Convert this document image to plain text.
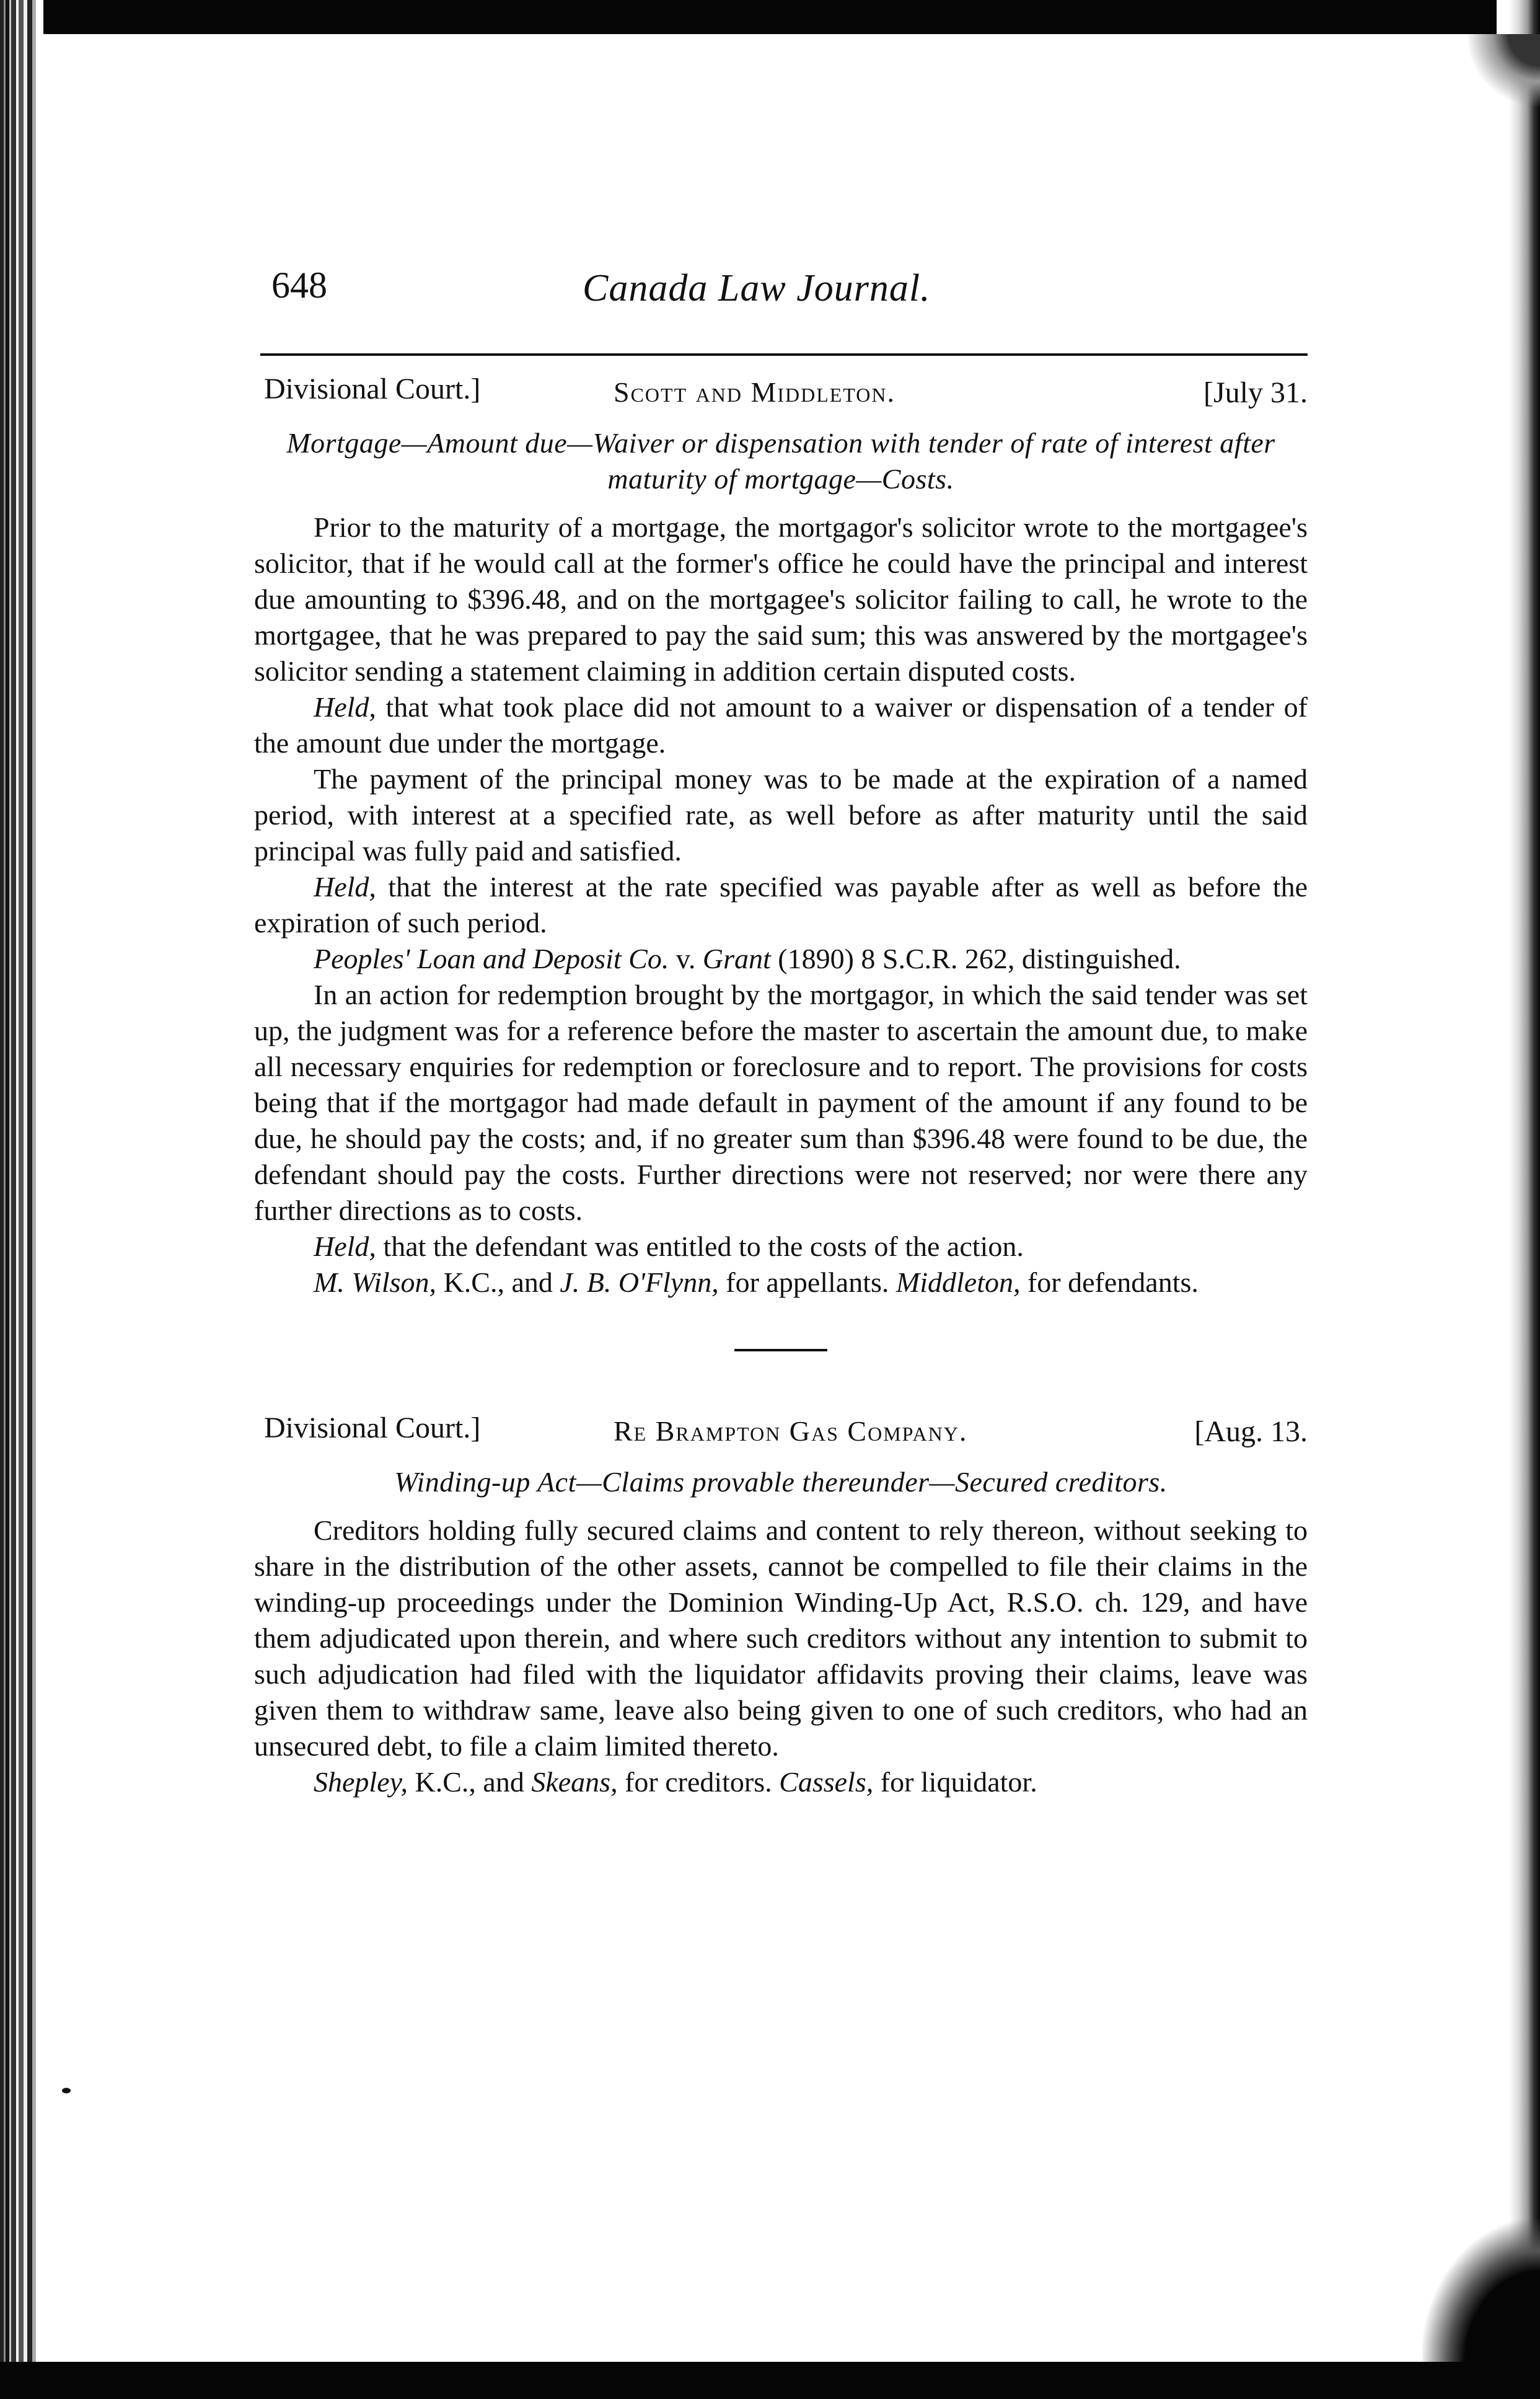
648	Canada Law Journal.
Divisional Court.]	Scott and Middleton.	[July 31.
Mortgage—Amount due—Waiver or dispensation with tender of rate of interest after maturity of mortgage—Costs.

Prior to the maturity of a mortgage, the mortgagor's solicitor wrote to the mortgagee's solicitor, that if he would call at the former's office he could have the principal and interest due amounting to $396.48, and on the mortgagee's solicitor failing to call, he wrote to the mortgagee, that he was prepared to pay the said sum; this was answered by the mortgagee's solicitor sending a statement claiming in addition certain disputed costs.

Held, that what took place did not amount to a waiver or dispensation of a tender of the amount due under the mortgage.

The payment of the principal money was to be made at the expiration of a named period, with interest at a specified rate, as well before as after maturity until the said principal was fully paid and satisfied.

Held, that the interest at the rate specified was payable after as well as before the expiration of such period.

Peoples' Loan and Deposit Co. v. Grant (1890) 8 S.C.R. 262, distinguished.

In an action for redemption brought by the mortgagor, in which the said tender was set up, the judgment was for a reference before the master to ascertain the amount due, to make all necessary enquiries for redemption or foreclosure and to report. The provisions for costs being that if the mortgagor had made default in payment of the amount if any found to be due, he should pay the costs; and, if no greater sum than $396.48 were found to be due, the defendant should pay the costs. Further directions were not reserved; nor were there any further directions as to costs.

Held, that the defendant was entitled to the costs of the action.

M. Wilson, K.C., and J. B. O'Flynn, for appellants. Middleton, for defendants.

Divisional Court.]	Re Brampton Gas Company.	[Aug. 13.
Winding-up Act—Claims provable thereunder—Secured creditors.

Creditors holding fully secured claims and content to rely thereon, without seeking to share in the distribution of the other assets, cannot be compelled to file their claims in the winding-up proceedings under the Dominion Winding-Up Act, R.S.O. ch. 129, and have them adjudicated upon therein, and where such creditors without any intention to submit to such adjudication had filed with the liquidator affidavits proving their claims, leave was given them to withdraw same, leave also being given to one of such creditors, who had an unsecured debt, to file a claim limited thereto.

Shepley, K.C., and Skeans, for creditors. Cassels, for liquidator.
